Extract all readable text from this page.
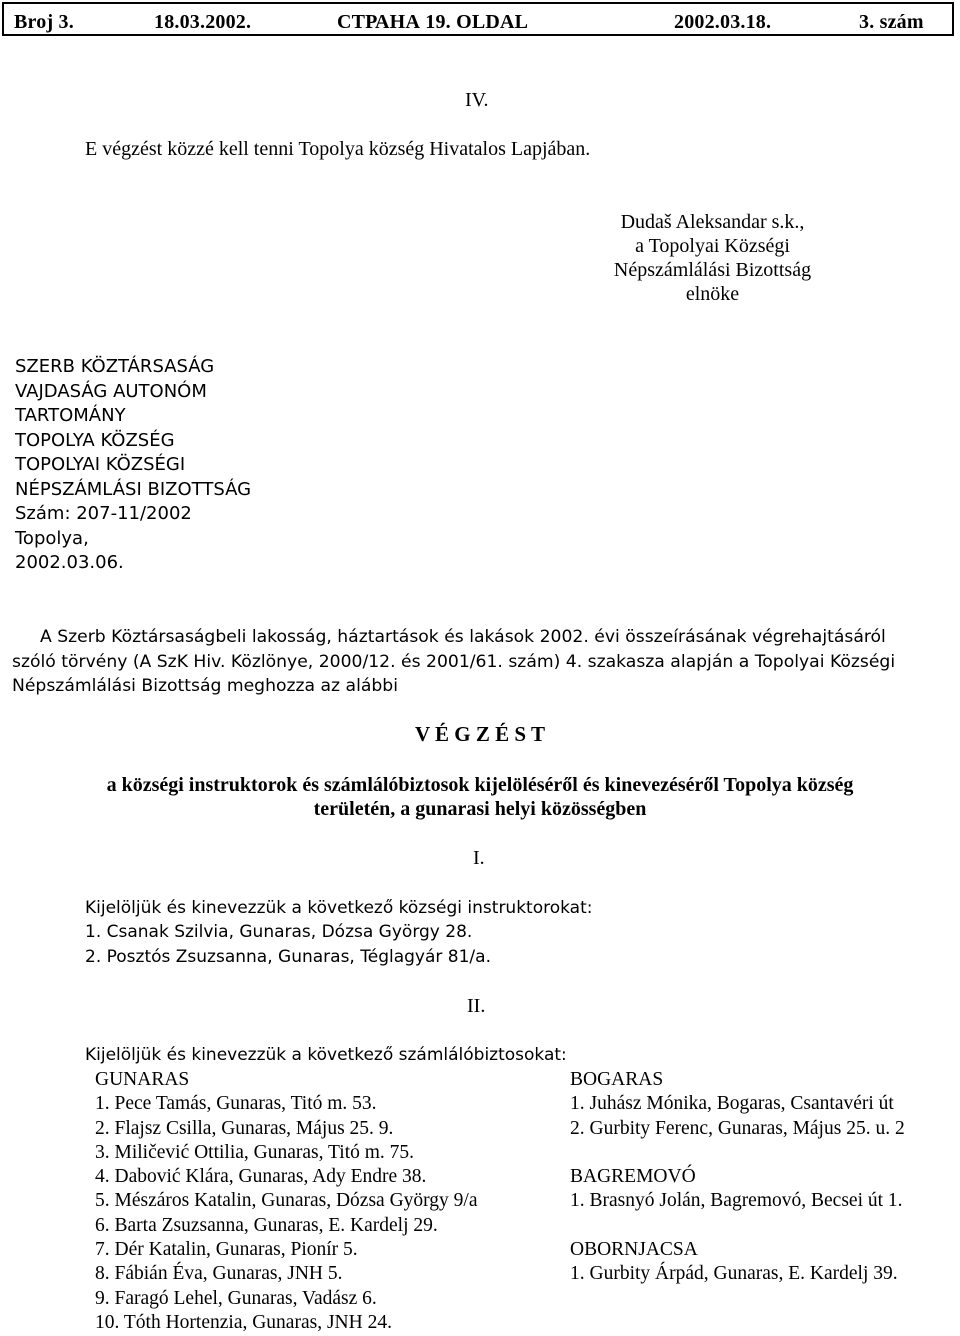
Broj 3.	18.03.2002.	СТРАНА 19. OLDAL	2002.03.18.	3. szám
IV.
E végzést közzé kell tenni Topolya község Hivatalos Lapjában.
Dudaš Aleksandar s.k.,
a Topolyai Községi
Népszámlálási Bizottság
elnöke
SZERB KÖZTÁRSASÁG
VAJDASÁG AUTONÓM
TARTOMÁNY
TOPOLYA KÖZSÉG
TOPOLYAI KÖZSÉGI
NÉPSZÁMLÁSI BIZOTTSÁG
Szám: 207-11/2002
Topolya,
2002.03.06.
A Szerb Köztársaságbeli lakosság, háztartások és lakások 2002. évi összeírásának végrehajtásáról
szóló törvény (A SzK Hiv. Közlönye, 2000/12. és 2001/61. szám) 4. szakasza alapján a Topolyai Községi
Népszámlálási Bizottság meghozza az alábbi
V É G Z É S T
a községi instruktorok és számlálóbiztosok kijelöléséről és kinevezéséről Topolya község
területén, a gunarasi helyi közösségben
I.
Kijelöljük és kinevezzük a következő községi instruktorokat:
1. Csanak Szilvia, Gunaras, Dózsa György 28.
2. Posztós Zsuzsanna, Gunaras, Téglagyár 81/a.
II.
Kijelöljük és kinevezzük a következő számlálóbiztosokat:
GUNARAS
1. Pece Tamás, Gunaras, Titó m. 53.
2. Flajsz Csilla, Gunaras, Május 25. 9.
3. Miličević Ottilia, Gunaras, Titó m. 75.
4. Dabović Klára, Gunaras, Ady Endre 38.
5. Mészáros Katalin, Gunaras, Dózsa György 9/a
6. Barta Zsuzsanna, Gunaras, E. Kardelj 29.
7. Dér Katalin, Gunaras, Pionír 5.
8. Fábián Éva, Gunaras, JNH 5.
9. Faragó Lehel, Gunaras, Vadász 6.
10. Tóth Hortenzia, Gunaras, JNH 24.
BOGARAS
1. Juhász Mónika, Bogaras, Csantavéri út
2. Gurbity Ferenc, Gunaras, Május 25. u. 2

BAGREMOVÓ
1. Brasnyó Jolán, Bagremovó, Becsei út 1.

OBORNJACSA
1. Gurbity Árpád, Gunaras, E. Kardelj 39.
